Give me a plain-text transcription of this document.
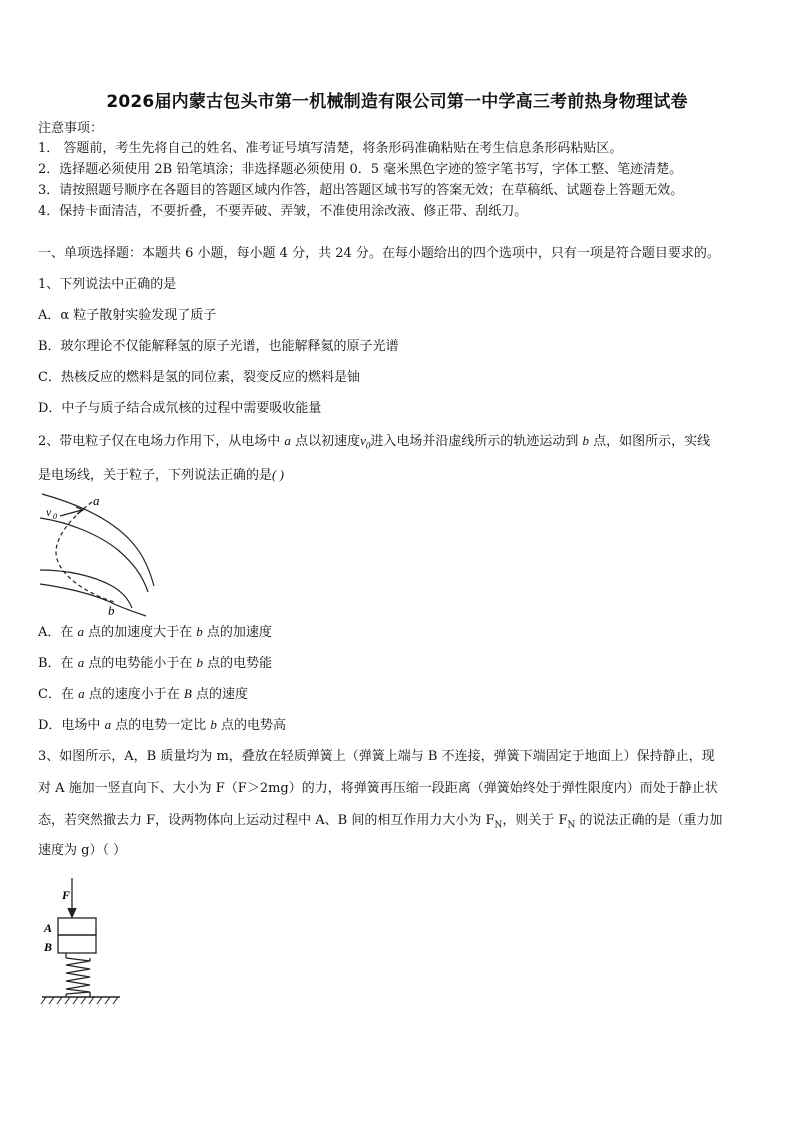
2026届内蒙古包头市第一机械制造有限公司第一中学高三考前热身物理试卷
注意事项：
1． 答题前，考生先将自己的姓名、准考证号填写清楚，将条形码准确粘贴在考生信息条形码粘贴区。
2．选择题必须使用 2B 铅笔填涂；非选择题必须使用 0．5 毫米黑色字迹的签字笔书写，字体工整、笔迹清楚。
3．请按照题号顺序在各题目的答题区域内作答，超出答题区域书写的答案无效；在草稿纸、试题卷上答题无效。
4．保持卡面清洁，不要折叠，不要弄破、弄皱，不准使用涂改液、修正带、刮纸刀。
一、单项选择题：本题共 6 小题，每小题 4 分，共 24 分。在每小题给出的四个选项中，只有一项是符合题目要求的。
1、下列说法中正确的是
A．α 粒子散射实验发现了质子
B．玻尔理论不仅能解释氢的原子光谱，也能解释氦的原子光谱
C．热核反应的燃料是氢的同位素，裂变反应的燃料是铀
D．中子与质子结合成氘核的过程中需要吸收能量
2、带电粒子仅在电场力作用下，从电场中 a 点以初速度$v_0$进入电场并沿虚线所示的轨迹运动到 b 点，如图所示，实线
是电场线，关于粒子，下列说法正确的是( )
a
v 0
b
A．在 a 点的加速度大于在 b 点的加速度
B．在 a 点的电势能小于在 b 点的电势能
C．在 a 点的速度小于在 B 点的速度
D．电场中 a 点的电势一定比 b 点的电势高
3、如图所示，A，B 质量均为 m，叠放在轻质弹簧上（弹簧上端与 B 不连接，弹簧下端固定于地面上）保持静止，现
对 A 施加一竖直向下、大小为 F（F＞2mg）的力，将弹簧再压缩一段距离（弹簧始终处于弹性限度内）而处于静止状
态，若突然撤去力 F，设两物体向上运动过程中 A、B 间的相互作用力大小为 $F_N$，则关于 $F_N$ 的说法正确的是（重力加
速度为 g）（ ）
F
A
B
